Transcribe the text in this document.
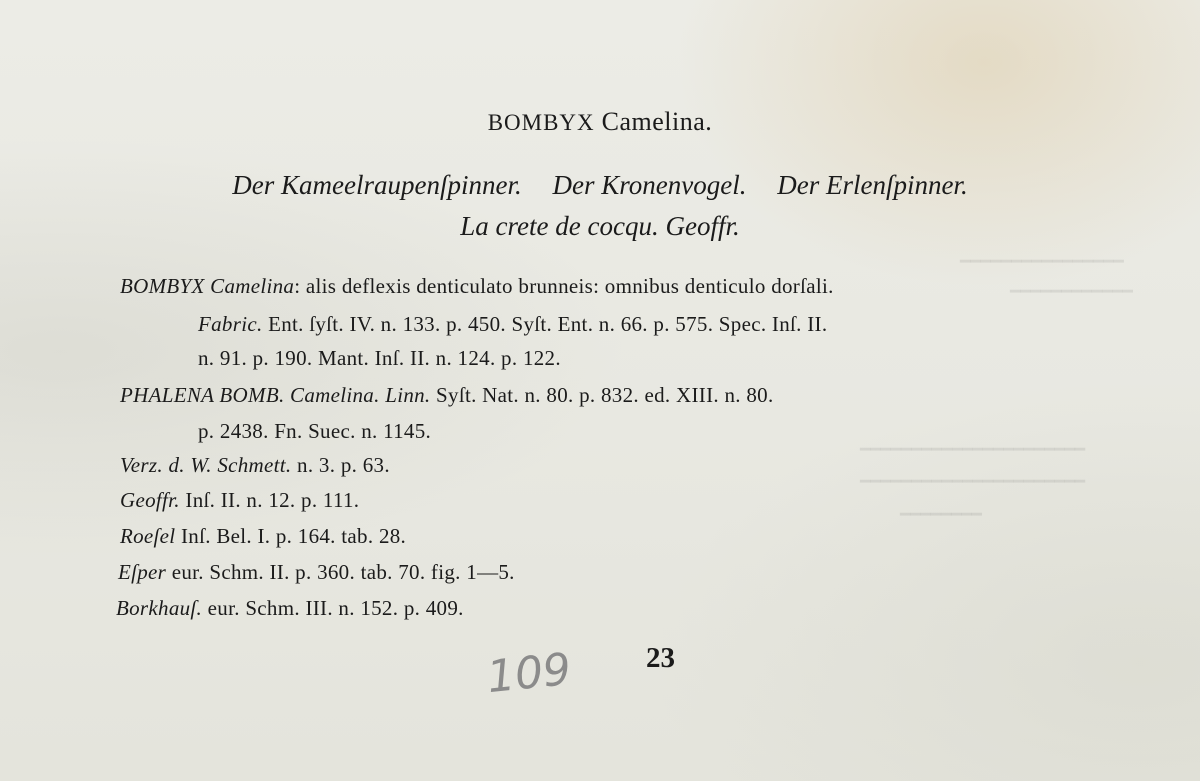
━━━━━━━━━━━━━━━━
━━━━━━━━━━━━
━━━━━━━━━━━━━━━━━━━━━━
━━━━━━━━━━━━━━━━━━━━━━
━━━━━━━━
BOMBYX Camelina.
Der Kameelraupenſpinner. Der Kronenvogel. Der Erlenſpinner.
La crete de cocqu. Geoffr.
BOMBYX Camelina: alis deflexis denticulato brunneis: omnibus denticulo dorſali.
Fabric. Ent. ſyſt. IV. n. 133. p. 450. Syſt. Ent. n. 66. p. 575. Spec. Inſ. II.
n. 91. p. 190. Mant. Inſ. II. n. 124. p. 122.
PHALENA BOMB. Camelina. Linn. Syſt. Nat. n. 80. p. 832. ed. XIII. n. 80.
p. 2438. Fn. Suec. n. 1145.
Verz. d. W. Schmett. n. 3. p. 63.
Geoffr. Inſ. II. n. 12. p. 111.
Roeſel Inſ. Bel. I. p. 164. tab. 28.
Eſper eur. Schm. II. p. 360. tab. 70. fig. 1—5.
Borkhauſ. eur. Schm. III. n. 152. p. 409.
109	23
